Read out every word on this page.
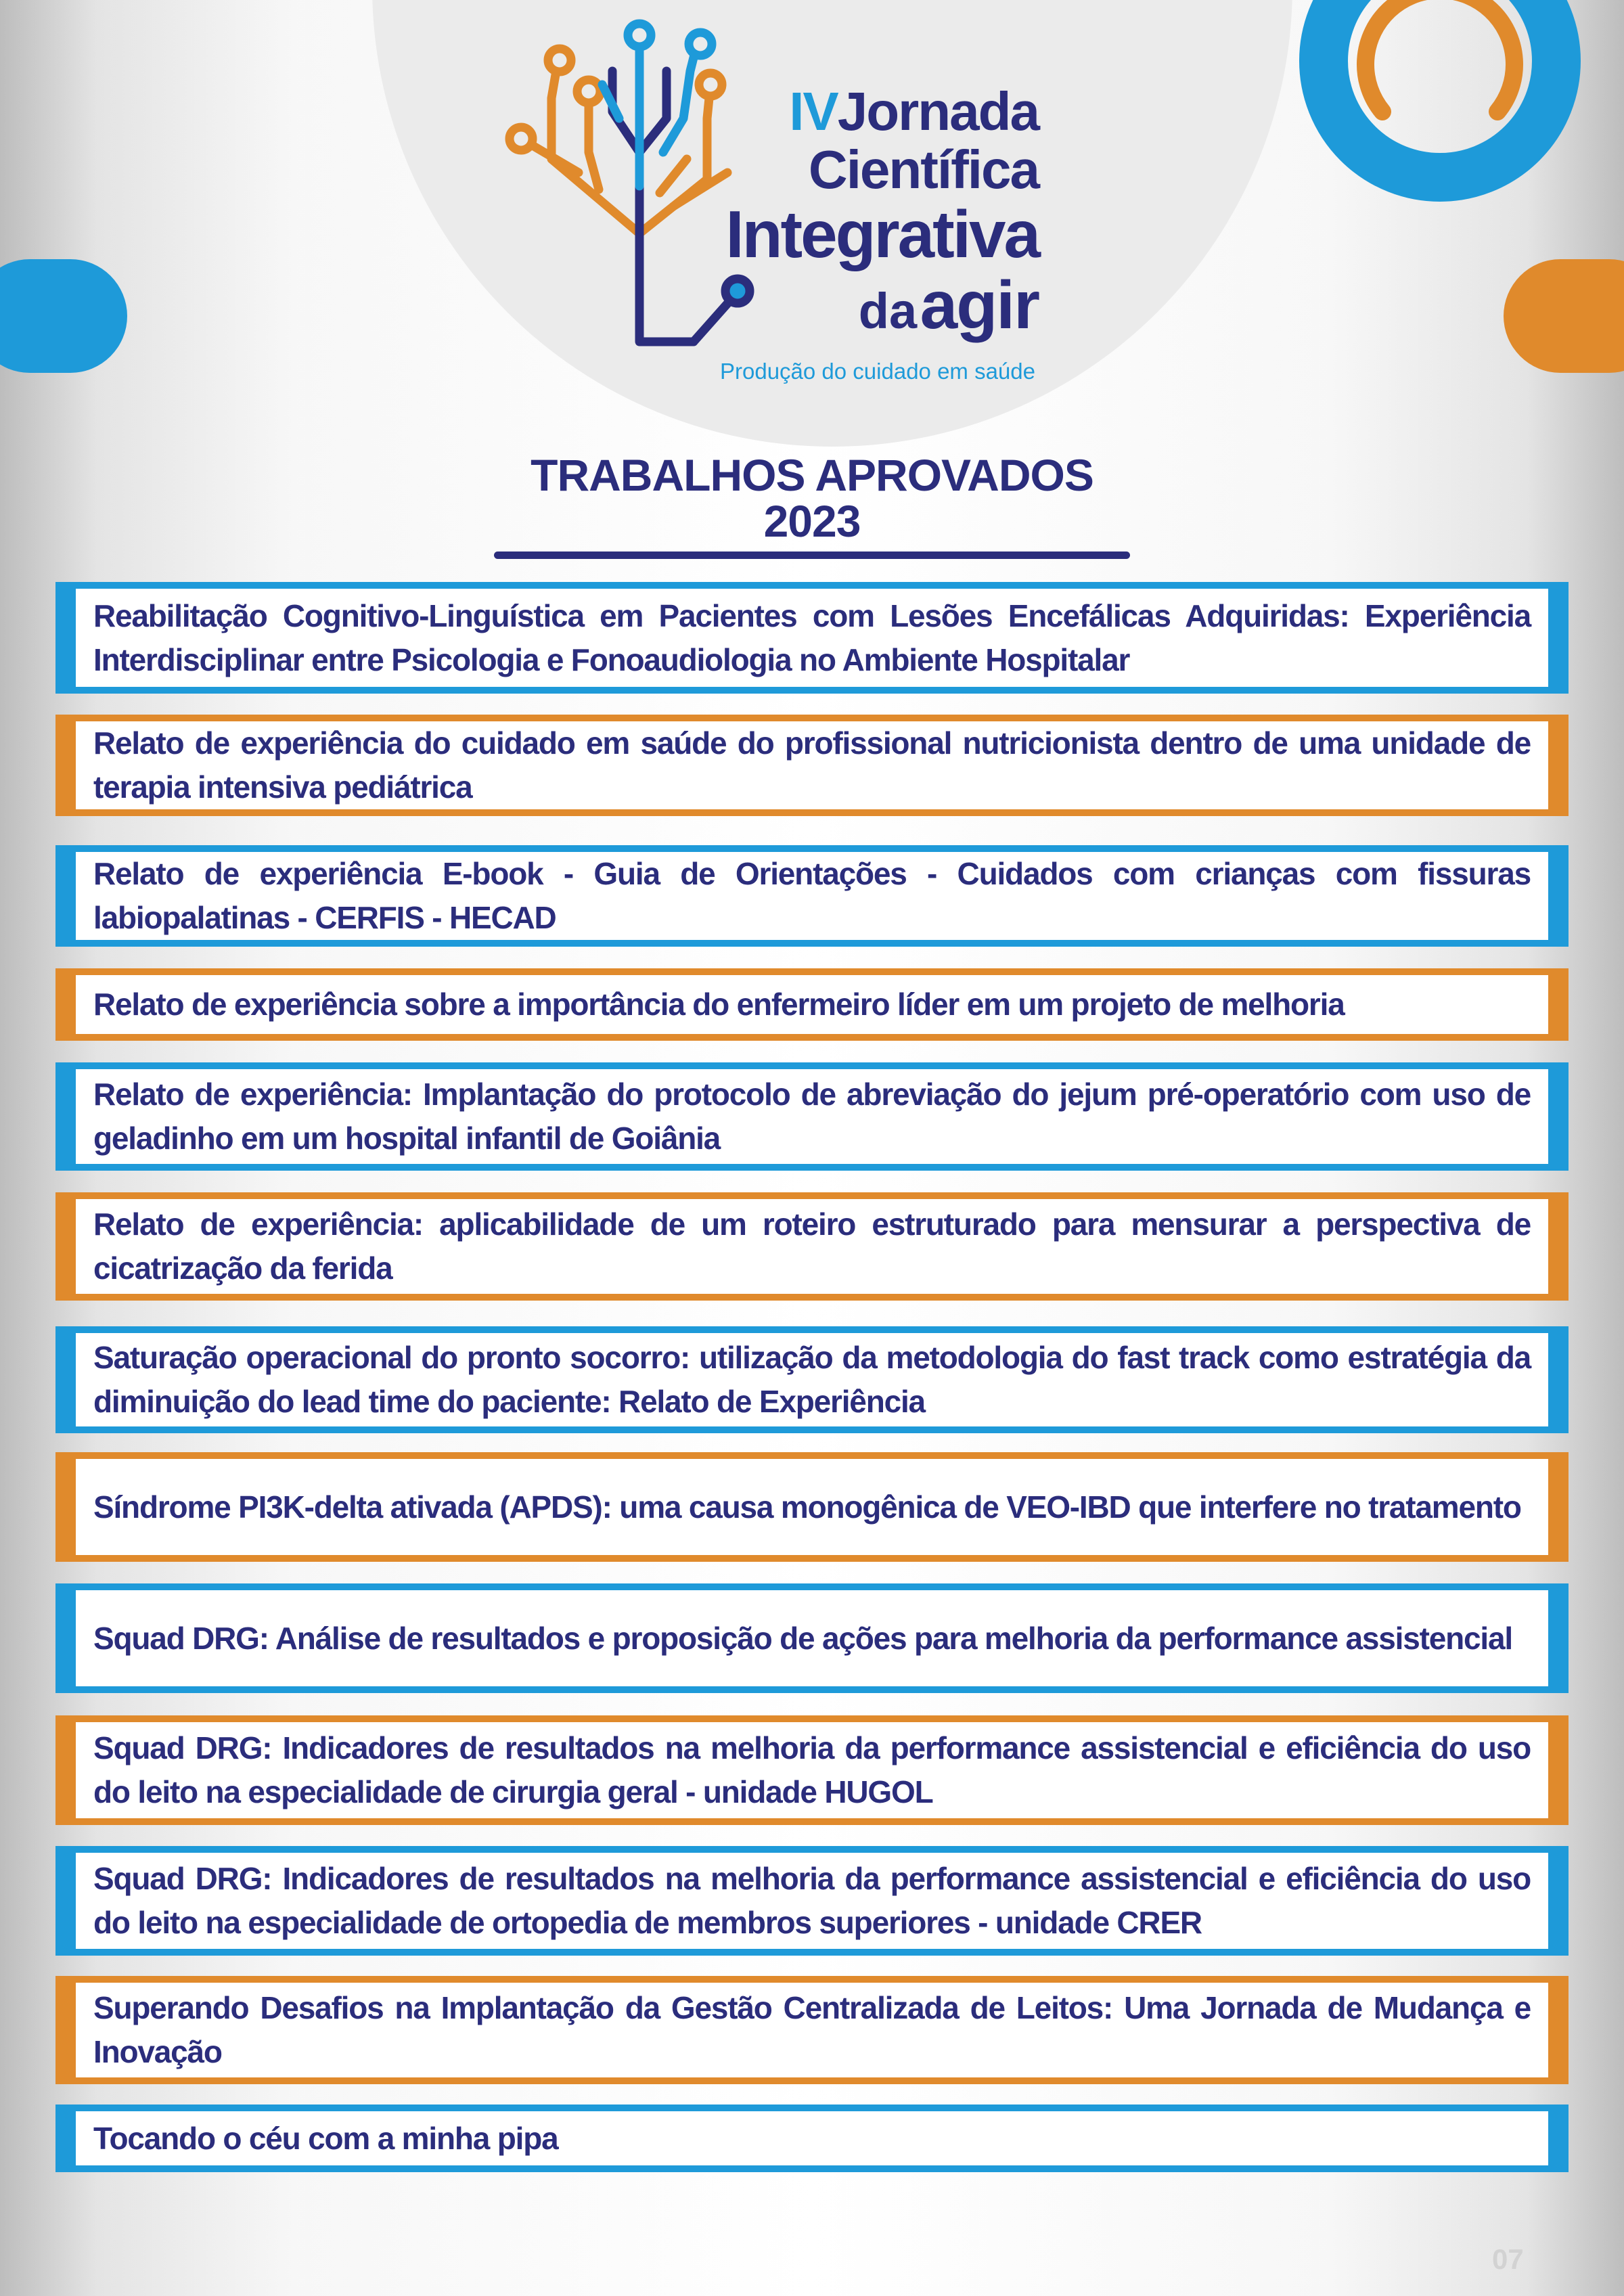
IVJornada
Científica
Integrativa
da agir
Produção do cuidado em saúde
TRABALHOS APROVADOS
2023
Reabilitação Cognitivo-Linguística em Pacientes com Lesões Encefálicas Adquiridas: Experiência Interdisciplinar entre Psicologia e Fonoaudiologia no Ambiente Hospitalar
Relato de experiência do cuidado em saúde do profissional nutricionista dentro de uma unidade de terapia intensiva pediátrica
Relato de experiência E-book - Guia de Orientações - Cuidados com crianças com fissuras labiopalatinas - CERFIS - HECAD
Relato de experiência sobre a importância do enfermeiro líder em um projeto de melhoria
Relato de experiência: Implantação do protocolo de abreviação do jejum pré-operatório com uso de geladinho em um hospital infantil de Goiânia
Relato de experiência: aplicabilidade de um roteiro estruturado para mensurar a perspectiva de cicatrização da ferida
Saturação operacional do pronto socorro: utilização da metodologia do fast track como estratégia da diminuição do lead time do paciente: Relato de Experiência
Síndrome PI3K-delta ativada (APDS): uma causa monogênica de VEO-IBD que interfere no tratamento
Squad DRG: Análise de resultados e proposição de ações para melhoria da performance assistencial
Squad DRG: Indicadores de resultados na melhoria da performance assistencial e eficiência do uso do leito na especialidade de cirurgia geral - unidade HUGOL
Squad DRG: Indicadores de resultados na melhoria da performance assistencial e eficiência do uso do leito na especialidade de ortopedia de membros superiores - unidade CRER
Superando Desafios na Implantação da Gestão Centralizada de Leitos: Uma Jornada de Mudança e Inovação
Tocando o céu com a minha pipa
07
